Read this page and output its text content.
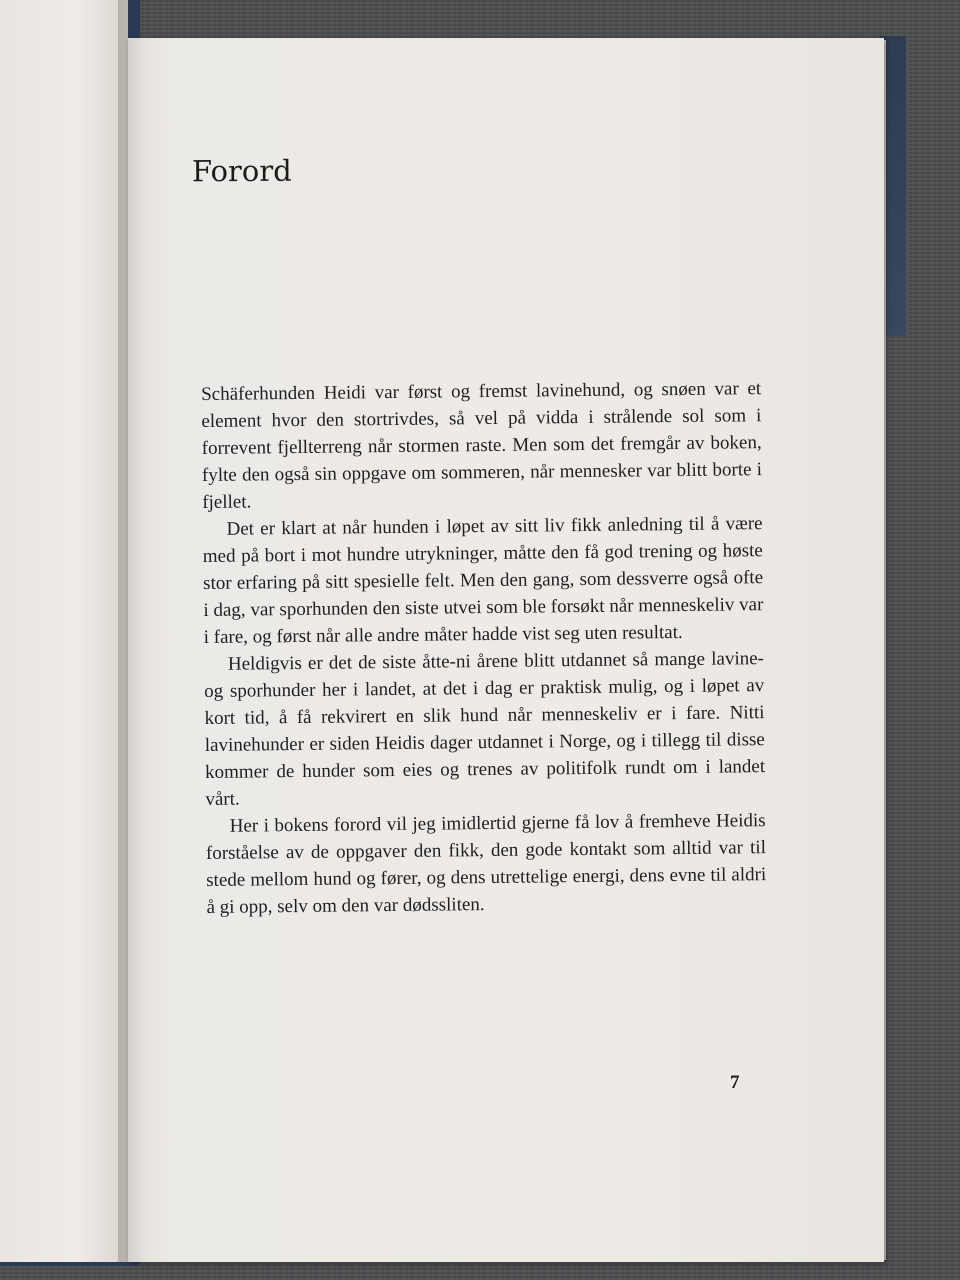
Forord

Schäferhunden Heidi var først og fremst lavinehund, og snøen var et element hvor den stortrivdes, så vel på vidda i strålende sol som i forrevent fjellterreng når stormen raste. Men som det fremgår av boken, fylte den også sin oppgave om sommeren, når mennesker var blitt borte i fjellet.

Det er klart at når hunden i løpet av sitt liv fikk anledning til å være med på bort i mot hundre utrykninger, måtte den få god trening og høste stor erfaring på sitt spesielle felt. Men den gang, som dessverre også ofte i dag, var sporhunden den siste utvei som ble forsøkt når menneskeliv var i fare, og først når alle andre måter hadde vist seg uten resultat.

Heldigvis er det de siste åtte-ni årene blitt utdannet så mange lavine- og sporhunder her i landet, at det i dag er praktisk mulig, og i løpet av kort tid, å få rekvirert en slik hund når menneskeliv er i fare. Nitti lavinehunder er siden Heidis dager utdannet i Norge, og i tillegg til disse kommer de hunder som eies og trenes av politifolk rundt om i landet vårt.

Her i bokens forord vil jeg imidlertid gjerne få lov å fremheve Heidis forståelse av de oppgaver den fikk, den gode kontakt som alltid var til stede mellom hund og fører, og dens utrettelige energi, dens evne til aldri å gi opp, selv om den var dødssliten.

7
